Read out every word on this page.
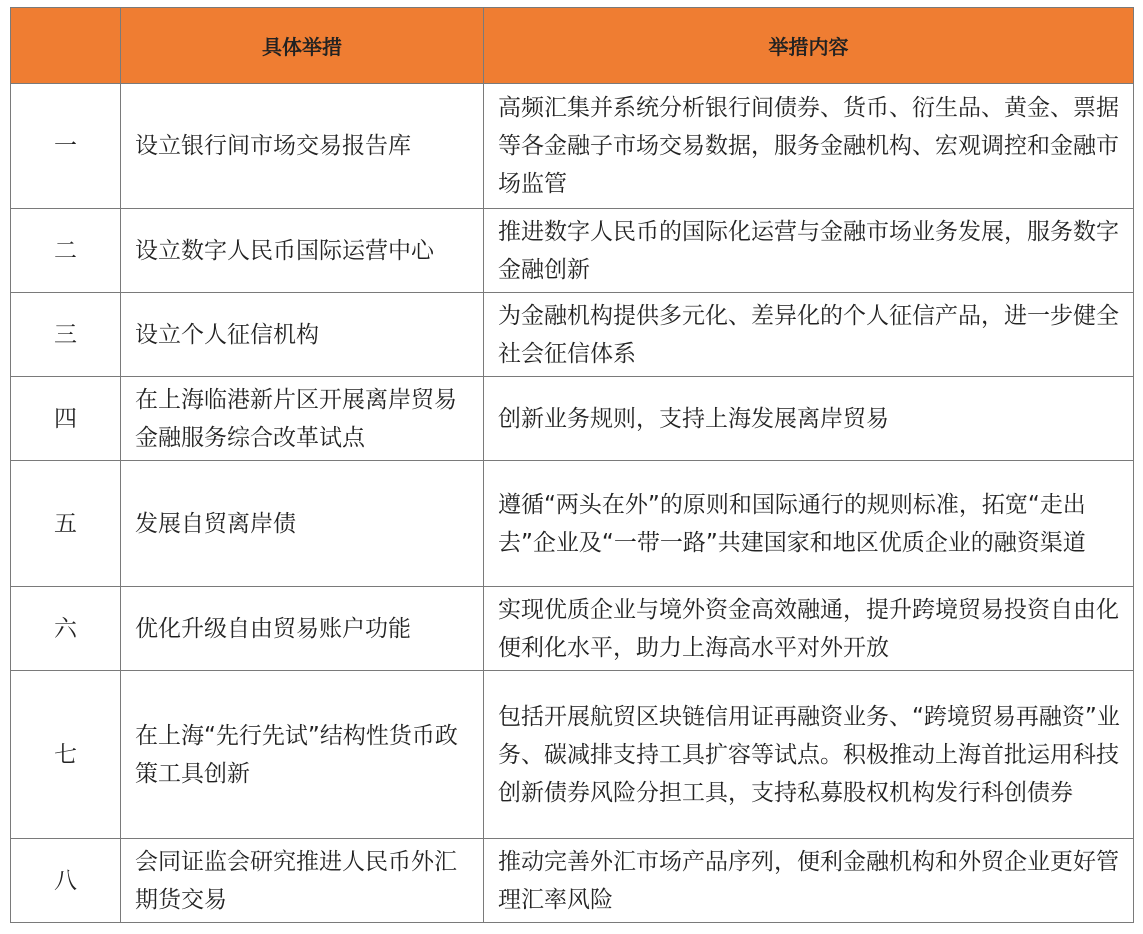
	具体举措	举措内容
一	设立银行间市场交易报告库	高频汇集并系统分析银行间债券、货币、衍生品、黄金、票据等各金融子市场交易数据，服务金融机构、宏观调控和金融市场监管
二	设立数字人民币国际运营中心	推进数字人民币的国际化运营与金融市场业务发展，服务数字金融创新
三	设立个人征信机构	为金融机构提供多元化、差异化的个人征信产品，进一步健全社会征信体系
四	在上海临港新片区开展离岸贸易金融服务综合改革试点	创新业务规则，支持上海发展离岸贸易
五	发展自贸离岸债	遵循“两头在外”的原则和国际通行的规则标准，拓宽“走出去”企业及“一带一路”共建国家和地区优质企业的融资渠道
六	优化升级自由贸易账户功能	实现优质企业与境外资金高效融通，提升跨境贸易投资自由化便利化水平，助力上海高水平对外开放
七	在上海“先行先试”结构性货币政策工具创新	包括开展航贸区块链信用证再融资业务、“跨境贸易再融资”业务、碳减排支持工具扩容等试点。积极推动上海首批运用科技创新债券风险分担工具，支持私募股权机构发行科创债券
八	会同证监会研究推进人民币外汇期货交易	推动完善外汇市场产品序列，便利金融机构和外贸企业更好管理汇率风险
